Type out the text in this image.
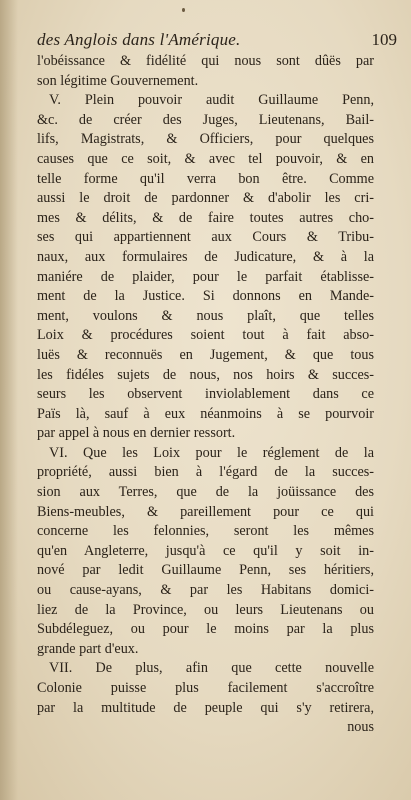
des Anglois dans l'Amérique.	109
l'obéissance & fidélité qui nous sont dûës par
son légitime Gouvernement.
V. Plein pouvoir audit Guillaume Penn,
&c. de créer des Juges, Lieutenans, Bail-
lifs, Magistrats, & Officiers, pour quelques
causes que ce soit, & avec tel pouvoir, & en
telle forme qu'il verra bon être. Comme
aussi le droit de pardonner & d'abolir les cri-
mes & délits, & de faire toutes autres cho-
ses qui appartiennent aux Cours & Tribu-
naux, aux formulaires de Judicature, & à la
maniére de plaider, pour le parfait établisse-
ment de la Justice. Si donnons en Mande-
ment, voulons & nous plaît, que telles
Loix & procédures soient tout à fait abso-
luës & reconnuës en Jugement, & que tous
les fidéles sujets de nous, nos hoirs & succes-
seurs les observent inviolablement dans ce
Païs là, sauf à eux néanmoins à se pourvoir
par appel à nous en dernier ressort.
VI. Que les Loix pour le réglement de la
propriété, aussi bien à l'égard de la succes-
sion aux Terres, que de la joüissance des
Biens-meubles, & pareillement pour ce qui
concerne les felonnies, seront les mêmes
qu'en Angleterre, jusqu'à ce qu'il y soit in-
nové par ledit Guillaume Penn, ses héritiers,
ou cause-ayans, & par les Habitans domici-
liez de la Province, ou leurs Lieutenans ou
Subdéleguez, ou pour le moins par la plus
grande part d'eux.
VII. De plus, afin que cette nouvelle
Colonie puisse plus facilement s'accroître
par la multitude de peuple qui s'y retirera,
nous
